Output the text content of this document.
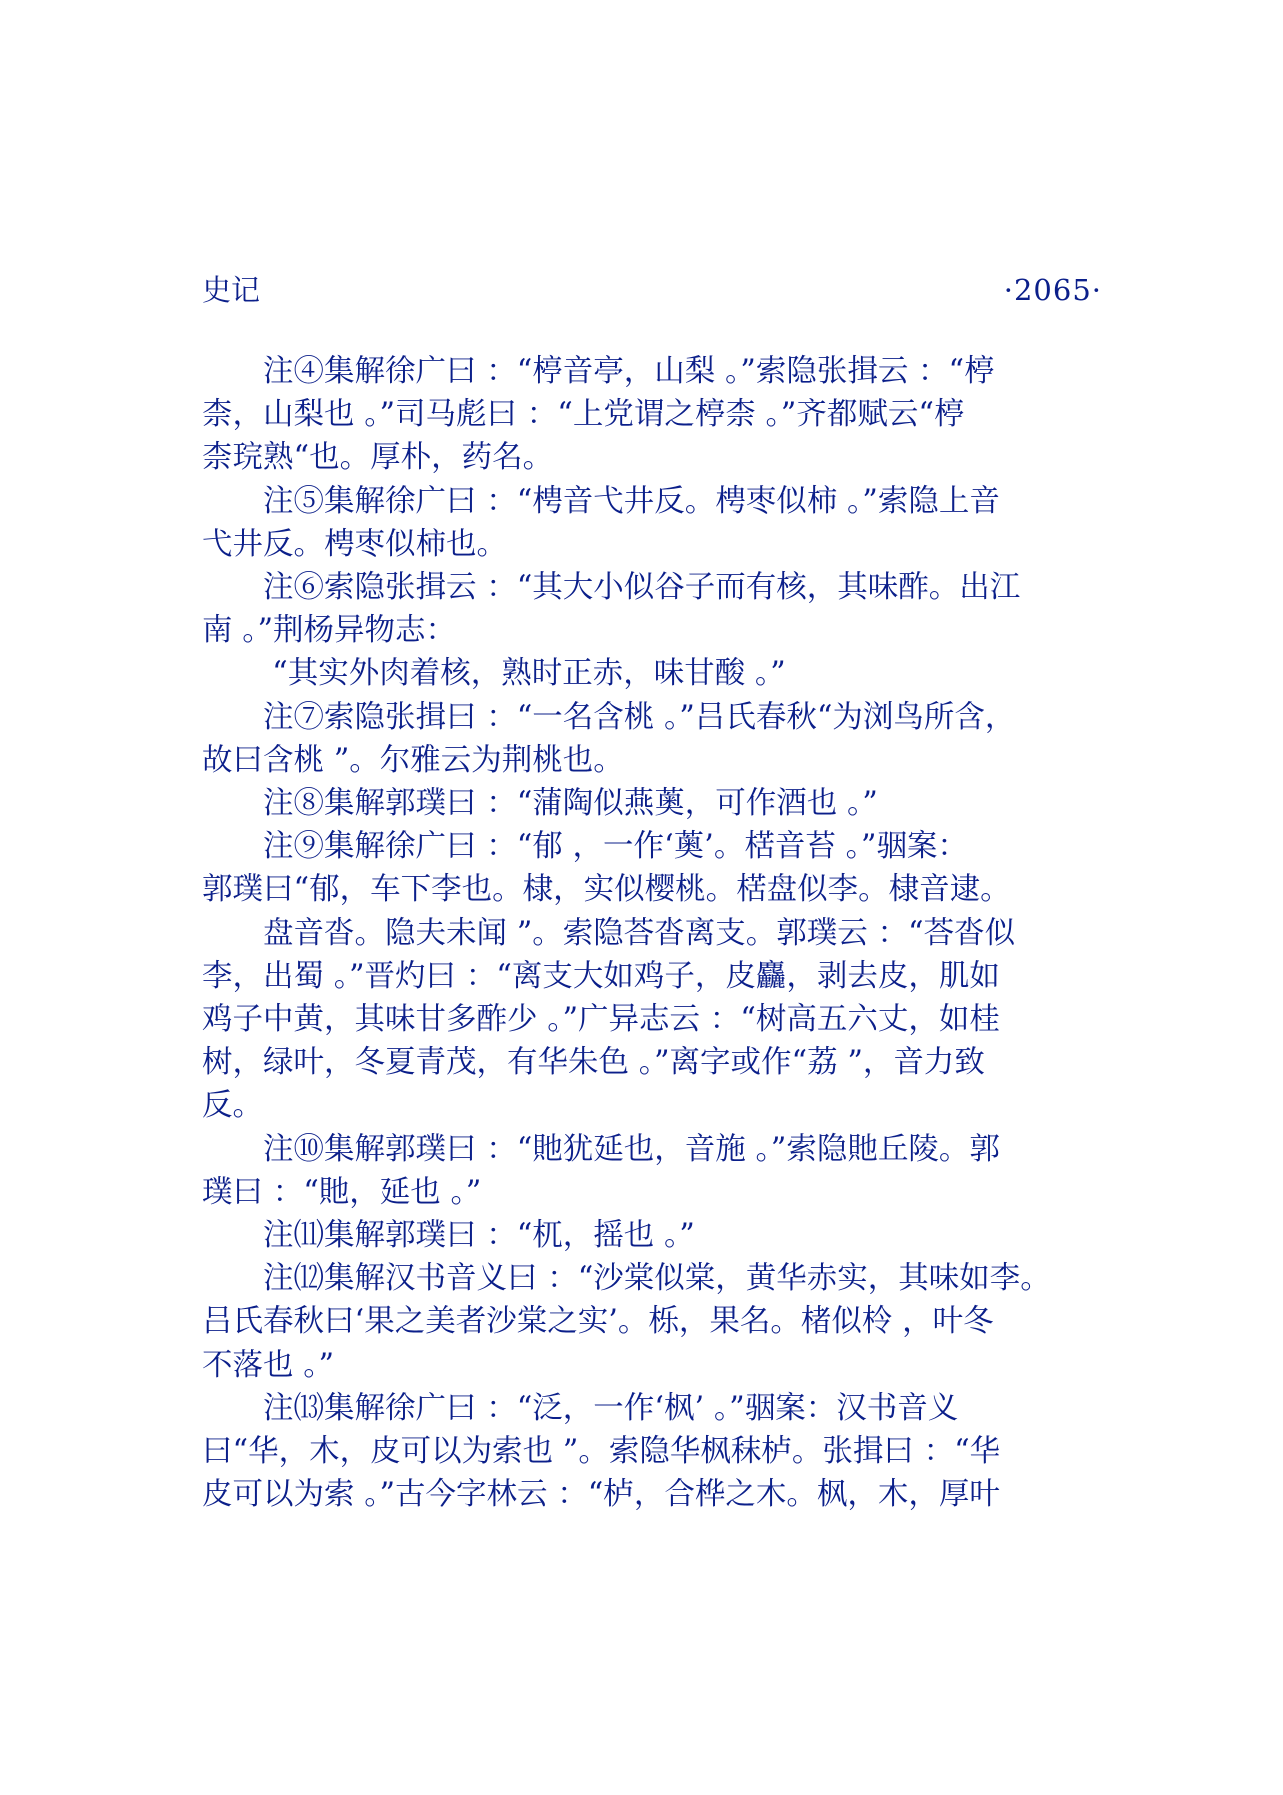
史记	·2065·
注④集解徐广曰 ：“楟音亭，山梨 。”索隐张揖云 ：“楟
柰，山梨也 。”司马彪曰 ：“上党谓之楟柰 。”齐都赋云“楟
柰琓熟“也。厚朴，药名。
注⑤集解徐广曰 ：“梬音弋井反。梬枣似柿 。”索隐上音
弋井反。梬枣似柿也。
注⑥索隐张揖云 ：“其大小似谷子而有核，其味酢。出江
南 。”荆杨异物志：
“其实外肉着核，熟时正赤，味甘酸 。”
注⑦索隐张揖曰 ：“一名含桃 。”吕氏春秋“为浏鸟所含，
故曰含桃 ”。尔雅云为荆桃也。
注⑧集解郭璞曰 ：“蒲陶似燕薁，可作酒也 。”
注⑨集解徐广曰 ：“郁 ，一作‘薁’。楛音苔 。”骃案：
郭璞曰“郁，车下李也。棣，实似樱桃。楛盘似李。棣音逮。
盘音沓。隐夫未闻 ”。索隐荅沓离支。郭璞云 ：“荅沓似
李，出蜀 。”晋灼曰 ：“离支大如鸡子，皮麤，剥去皮，肌如
鸡子中黄，其味甘多酢少 。”广异志云 ：“树高五六丈，如桂
树，绿叶，冬夏青茂，有华朱色 。”离字或作“荔 ”，音力致
反。
注⑩集解郭璞曰 ：“貤犹延也，音施 。”索隐貤丘陵。郭
璞曰 ：“貤，延也 。”
注⑾集解郭璞曰 ：“杌，摇也 。”
注⑿集解汉书音义曰 ：“沙棠似棠，黄华赤实，其味如李。
吕氏春秋曰‘果之美者沙棠之实’。栎，果名。楮似柃 ，叶冬
不落也 。”
注⒀集解徐广曰 ：“泛，一作‘枫’ 。”骃案：汉书音义
曰“华，木，皮可以为索也 ”。索隐华枫秣栌。张揖曰 ：“华
皮可以为索 。”古今字林云 ：“栌，合桦之木。枫，木，厚叶
